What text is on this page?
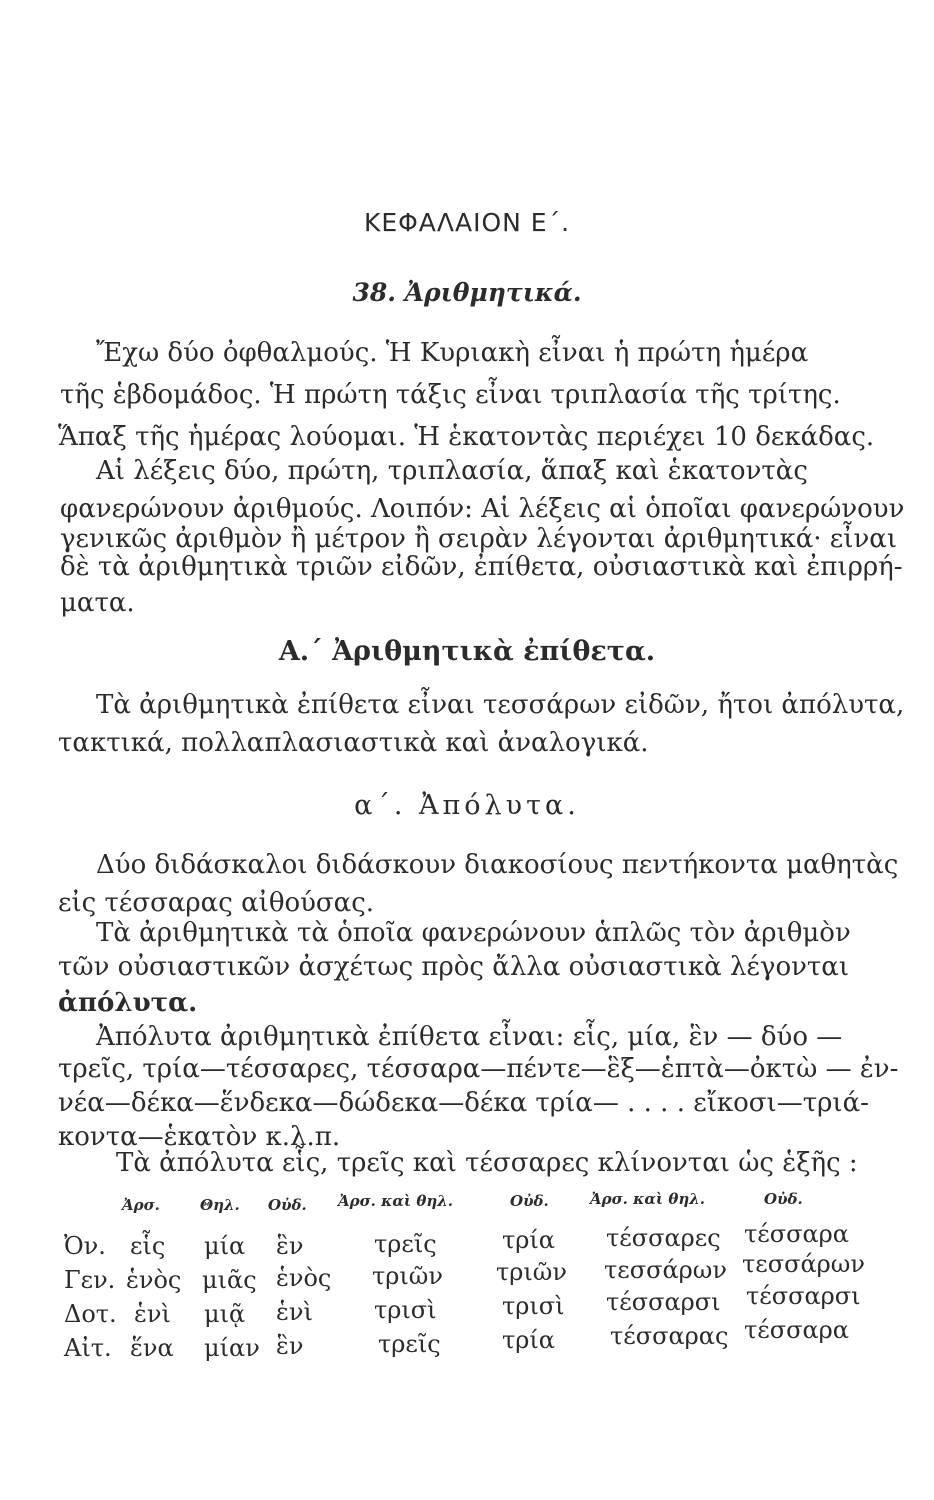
ΚΕΦΑΛΑΙΟΝ Ε΄.
38. Ἀριθμητικά.
Ἔχω δύο ὀφθαλμούς. Ἡ Κυριακὴ εἶναι ἡ πρώτη ἡμέρα
τῆς ἑβδομάδος. Ἡ πρώτη τάξις εἶναι τριπλασία τῆς τρίτης.
Ἅπαξ τῆς ἡμέρας λούομαι. Ἡ ἑκατοντὰς περιέχει 10 δεκάδας.
Αἱ λέξεις δύο, πρώτη, τριπλασία, ἅπαξ καὶ ἑκατοντὰς
φανερώνουν ἀριθμούς. Λοιπόν: Αἱ λέξεις αἱ ὁποῖαι φανερώνουν
γενικῶς ἀριθμὸν ἢ μέτρον ἢ σειρὰν λέγονται ἀριθμητικά· εἶναι
δὲ τὰ ἀριθμητικὰ τριῶν εἰδῶν, ἐπίθετα, οὐσιαστικὰ καὶ ἐπιρρή-
ματα.
Α.΄ Ἀριθμητικὰ ἐπίθετα.
Τὰ ἀριθμητικὰ ἐπίθετα εἶναι τεσσάρων εἰδῶν, ἤτοι ἀπόλυτα,
τακτικά, πολλαπλασιαστικὰ καὶ ἀναλογικά.
α΄. Ἀπόλυτα.
Δύο διδάσκαλοι διδάσκουν διακοσίους πεντήκοντα μαθητὰς
εἰς τέσσαρας αἰθούσας.
Τὰ ἀριθμητικὰ τὰ ὁποῖα φανερώνουν ἁπλῶς τὸν ἀριθμὸν
τῶν οὐσιαστικῶν ἀσχέτως πρὸς ἄλλα οὐσιαστικὰ λέγονται
ἀπόλυτα.
Ἀπόλυτα ἀριθμητικὰ ἐπίθετα εἶναι: εἷς, μία, ἓν — δύο —
τρεῖς, τρία—τέσσαρες, τέσσαρα—πέντε—ἓξ—ἑπτὰ—ὀκτὼ — ἐν-
νέα—δέκα—ἕνδεκα—δώδεκα—δέκα τρία— . . . . εἴκοσι—τριά-
κοντα—ἑκατὸν κ.λ.π.
Τὰ ἀπόλυτα εἷς, τρεῖς καὶ τέσσαρες κλίνονται ὡς ἑξῆς :
Ἀρσ.	Θηλ. Οὐδ. Ἀρσ. καὶ θηλ.	Οὐδ.	Ἀρσ. καὶ θηλ.	Οὐδ.
Ὀν. εἷς μία ἓν	τρεῖς	τρία τέσσαρες τέσσαρα
Γεν. ἑνὸς μιᾶς ἑνὸς τριῶν τριῶν τεσσάρων τεσσάρων
Δοτ. ἑνὶ μιᾷ ἑνὶ	τρισὶ	τρισὶ τέσσαρσι τέσσαρσι
Αἰτ. ἕνα μίαν ἓν	τρεῖς	τρία τέσσαρας τέσσαρα
